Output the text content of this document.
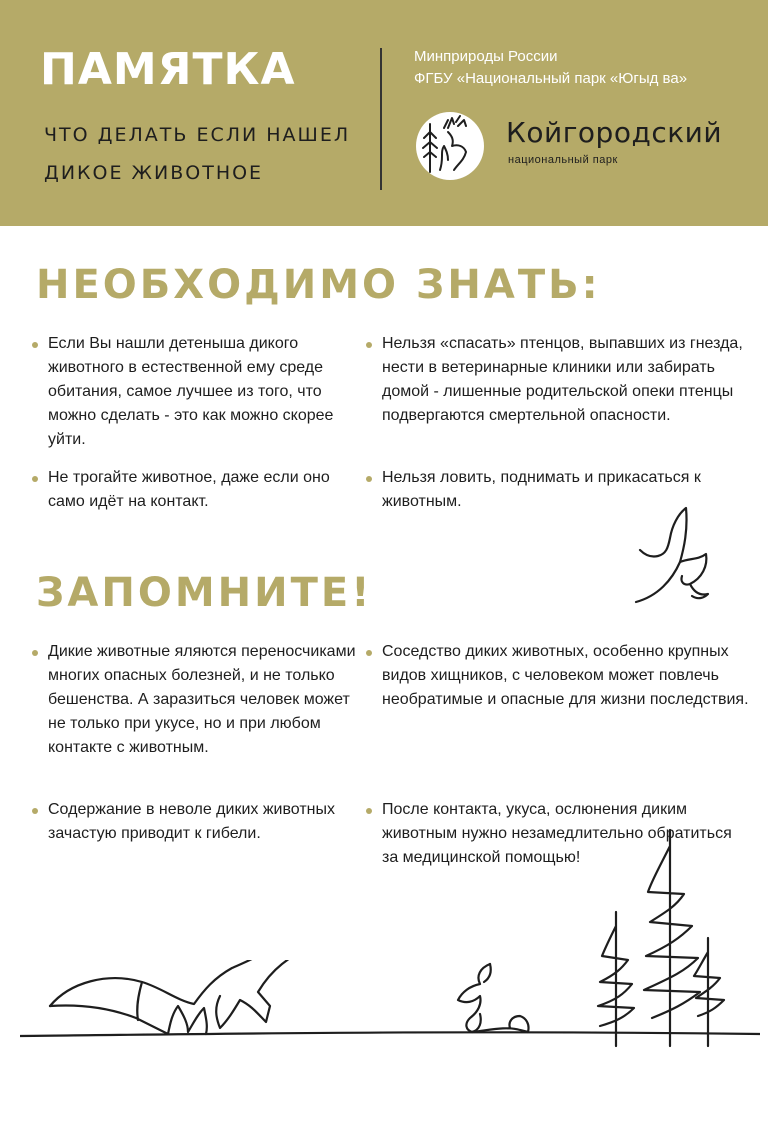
ПАМЯТКА

ЧТО ДЕЛАТЬ ЕСЛИ НАШЕЛ ДИКОЕ ЖИВОТНОЕ

Минприроды России
ФГБУ «Национальный парк «Югыд ва»

Койгородский

национальный парк

НЕОБХОДИМО ЗНАТЬ:

Если Вы нашли детеныша дикого животного в естественной ему среде обитания, самое лучшее из того, что можно сделать - это как можно скорее уйти.

Нельзя «спасать» птенцов, выпавших из гнезда, нести в ветеринарные клиники или забирать домой - лишенные родительской опеки птенцы подвергаются смертельной опасности.

Не трогайте животное, даже если оно само идёт на контакт.

Нельзя ловить, поднимать и прикасаться к животным.

ЗАПОМНИТЕ!

Дикие животные яляются переносчиками многих опасных болезней, и не только бешенства. А заразиться человек может не только при укусе, но и при любом контакте с животным.

Соседство диких животных, особенно крупных видов хищников, с человеком может повлечь необратимые и опасные для жизни последствия.

Содержание в неволе диких животных зачастую приводит к гибели.

После контакта, укуса, ослюнения диким животным нужно незамедлительно обратиться за медицинской помощью!
